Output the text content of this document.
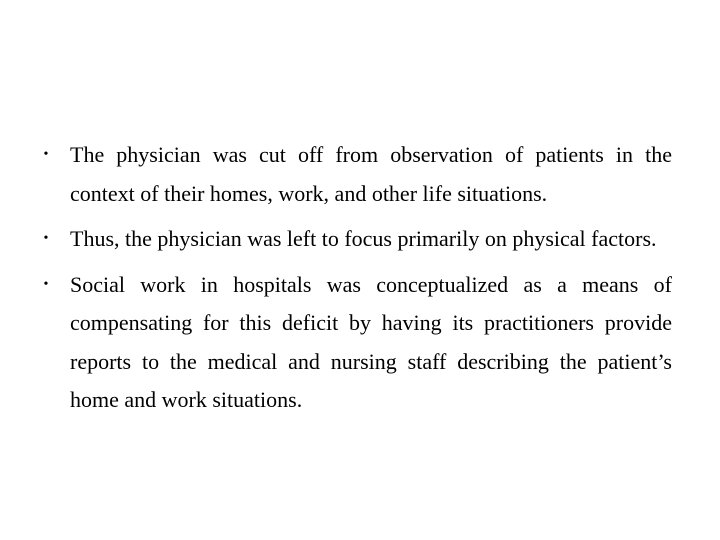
• The physician was cut off from observation of patients in the context of their homes, work, and other life situations.
• Thus, the physician was left to focus primarily on physical factors.
• Social work in hospitals was conceptualized as a means of compensating for this deficit by having its practitioners provide reports to the medical and nursing staff describing the patient’s home and work situations.
